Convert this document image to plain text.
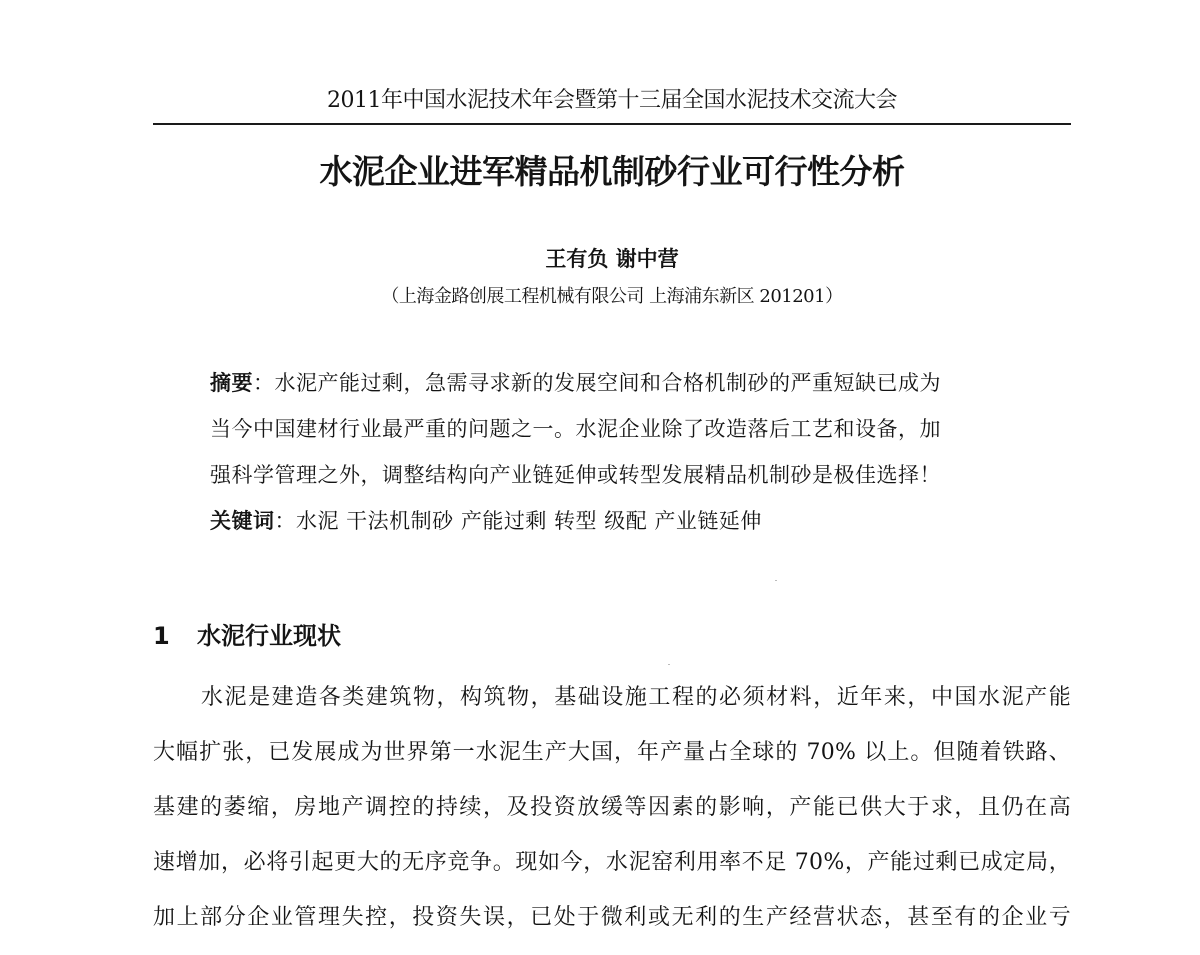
2011年中国水泥技术年会暨第十三届全国水泥技术交流大会
水泥企业进军精品机制砂行业可行性分析
王有负 谢中营
（上海金路创展工程机械有限公司 上海浦东新区 201201）
摘要：水泥产能过剩，急需寻求新的发展空间和合格机制砂的严重短缺已成为
当今中国建材行业最严重的问题之一。水泥企业除了改造落后工艺和设备，加
强科学管理之外，调整结构向产业链延伸或转型发展精品机制砂是极佳选择！
关键词：水泥 干法机制砂 产能过剩 转型 级配 产业链延伸
1 水泥行业现状
水泥是建造各类建筑物，构筑物，基础设施工程的必须材料，近年来，中国水泥产能
大幅扩张，已发展成为世界第一水泥生产大国，年产量占全球的 70% 以上。但随着铁路、
基建的萎缩，房地产调控的持续，及投资放缓等因素的影响，产能已供大于求，且仍在高
速增加，必将引起更大的无序竞争。现如今，水泥窑利用率不足 70%，产能过剩已成定局，
加上部分企业管理失控，投资失误，已处于微利或无利的生产经营状态，甚至有的企业亏
